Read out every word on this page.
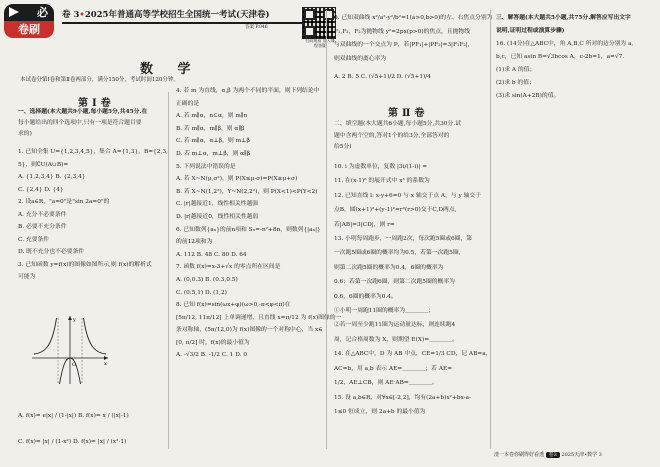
必
卷刷
卷 3•2025年普通高等学校招生全国统一考试(天津卷)
答案 P.046
扫码观看 加入课程答疑
数 学
本试卷分第Ⅰ卷和第Ⅱ卷两部分，满分150分，考试时间120分钟。
第Ⅰ卷
一、选择题(本大题共9小题,每小题5分,共45分.在
每小题给出的四个选项中,只有一项是符合题目要
求的)
1. 已知全集 U={1,2,3,4,5}，集合 A={1,3}，B={2,3,
5}，则∁U(A∪B)=
A. {1,2,3,4} B. {2,3,4}
C. {2,4} D. {4}
2. 设a∈R，"a=0"是"sin 2a=0"的
A. 充分不必要条件
B. 必要不充分条件
C. 充要条件
D. 既不充分也不必要条件
3. 已知函数 y=f(x)的图像如图所示,则 f(x)的解析式
可能为
O	x
y
A. f(x)= e|x| / (1-|x|) B. f(x)= x / (|x|-1)
C. f(x)= |x| / (1-x²) D. f(x)= |x| / (x²-1)
4. 若 m 为直线，α,β 为两个不同的平面，则下列结论中
正确的是
A. 若 m∥α，n⊂α，则 m∥n
B. 若 m∥α，m∥β，则 α∥β
C. 若 m∥α，α⊥β，则 m⊥β
D. 若 m⊥α，m⊥β，则 α∥β
5. 下列说法中错误的是
A. 若 X~N(μ,σ²)，则 P(X≤μ-σ)=P(X≥μ+σ)
B. 若 X~N(1,2²)，Y~N(2,2²)，则 P(X<1)<P(Y<2)
C. |r|越接近1，线性相关性越强
D. |r|越接近0，线性相关性越弱
6. 已知数列{aₙ}的前n项和 Sₙ=-n²+8n，则数列{|aₙ|}
的前12项和为
A. 112 B. 48 C. 80 D. 64
7. 函数 f(x)=x-3+√x 的零点所在区间是
A. (0,0.3) B. (0.3,0.5)
C. (0.5,1) D. (1,2)
8. 已知 f(x)=sin(ωx+φ)(ω>0,-π<φ<π)在
[5π/12, 11π/12] 上单调递增，且直线 x=π/12 为 f(x)图像的一
条对称轴，(5π/12,0)为 f(x)图像的一个对称中心，当 x∈
[0, π/2] 时，f(x)的最小值为
A. -√3/2 B. -1/2 C. 1 D. 0
9. 已知双曲线 x²/a²-y²/b²=1(a>0,b>0)的左、右焦点分别为
F₁,F₂，F₂为抛物线 y²=2px(p>0)的焦点，且抛物线
与双曲线的一个交点为 P，若|PF₁|+|PF₂|=3|F₁F₂|，
则双曲线的离心率为
A. 2 B. 5 C. (√5+1)/2 D. (√5+1)/4
第Ⅱ卷
二、填空题(本大题共6小题,每小题5分,共30分.试
题中含两个空的,答对1个的给3分,全部答对的
给5分)
10. i 为虚数单位，复数 |3i/(1-i)| =
11. 在(x-1)⁶ 的展开式中 x³ 的系数为
12. 已知直线 l: x-y+6=0 与 x 轴交于点 A，与 y 轴交于
点B，圆(x+1)²+(y-1)²=r²(r>0)交于C,D两点,
若|AB|=3|CD|，则 r=
13. 小明每周跑步，一周跑2次，每次跑5圈或6圈，第
一次跑5圈或6圈的概率均为0.5，若第一次跑5圈，
则第二次跑5圈的概率为0.4，6圈的概率为
0.6；若第一次跑6圈，则第二次跑5圈的概率为
0.6，6圈的概率为0.4。
①小明一周跑11圈的概率为＿＿＿＿；
②若一周至少跑11圈为运动量达标，则连续跑4
周，记合格周数为 X，则期望 E(X)=＿＿＿＿。
14. 在△ABC中，D 为 AB 中点，CE=1/3 CD，记 AB=a，
AC=b，用 a,b 表示 AE=＿＿＿＿；若 AE=
1/2，AE⊥CB，则 AE·AB=＿＿＿＿。
15. 设 a,b∈R，对∀x∈[-2,2]，均有(2a+b)x²+bx-a-
1≤0 恒成立，则 2a+b 的最小值为
三、解答题(本大题共5小题,共75分.解答应写出文字
说明,证明过程或演算步骤)
16. (14分)在△ABC中，角 A,B,C 所对的边分别为 a,
b,c，已知 asin B=√3bcos A，c-2b=1，a=√7.
(1)求 A 的值；
(2)求 b 的值；
(3)求 sin(A+2B)的值。
渣一本卷你刷得好看透 卷3 2025天津•数学 3
